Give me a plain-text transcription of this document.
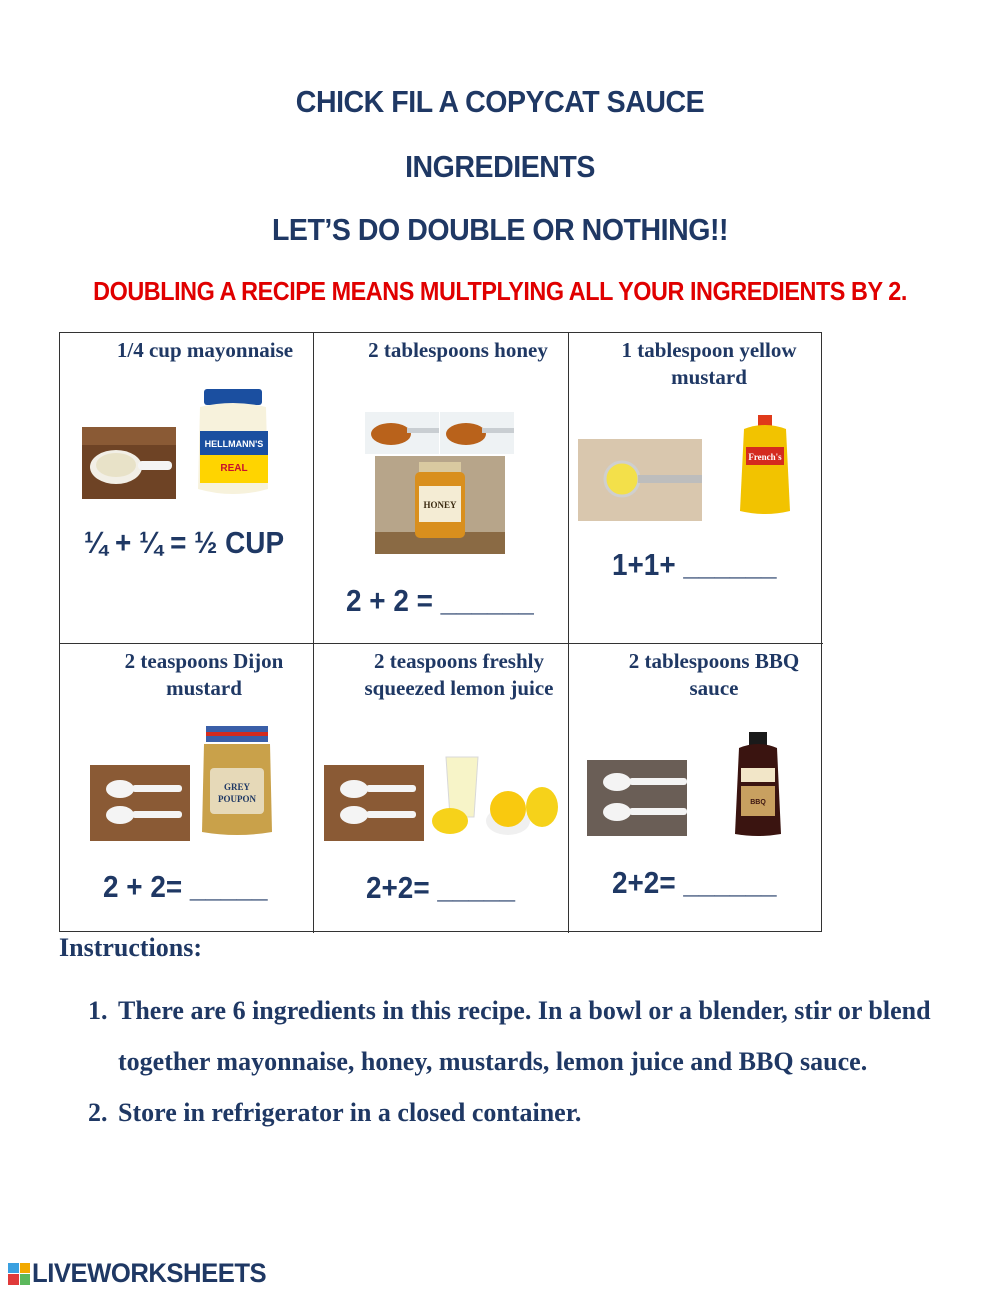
CHICK FIL A COPYCAT SAUCE
INGREDIENTS
LET’S DO DOUBLE OR NOTHING!!
DOUBLING A RECIPE MEANS MULTPLYING ALL YOUR INGREDIENTS BY 2.
1/4 cup mayonnaise
HELLMANN'S
REAL
¼ + ¼ = ½ CUP
2 tablespoons honey
HONEY
2 + 2 = ______
1 tablespoon yellow mustard
French's
1+1+ ______
2 teaspoons Dijon mustard
GREY
POUPON
2 + 2= _____
2 teaspoons freshly squeezed lemon juice
2+2= _____
2 tablespoons BBQ sauce
BBQ
2+2= ______
Instructions:
1. There are 6 ingredients in this recipe. In a bowl or a blender, stir or blend together mayonnaise, honey, mustards, lemon juice and BBQ sauce.
2. Store in refrigerator in a closed container.
LIVEWORKSHEETS
